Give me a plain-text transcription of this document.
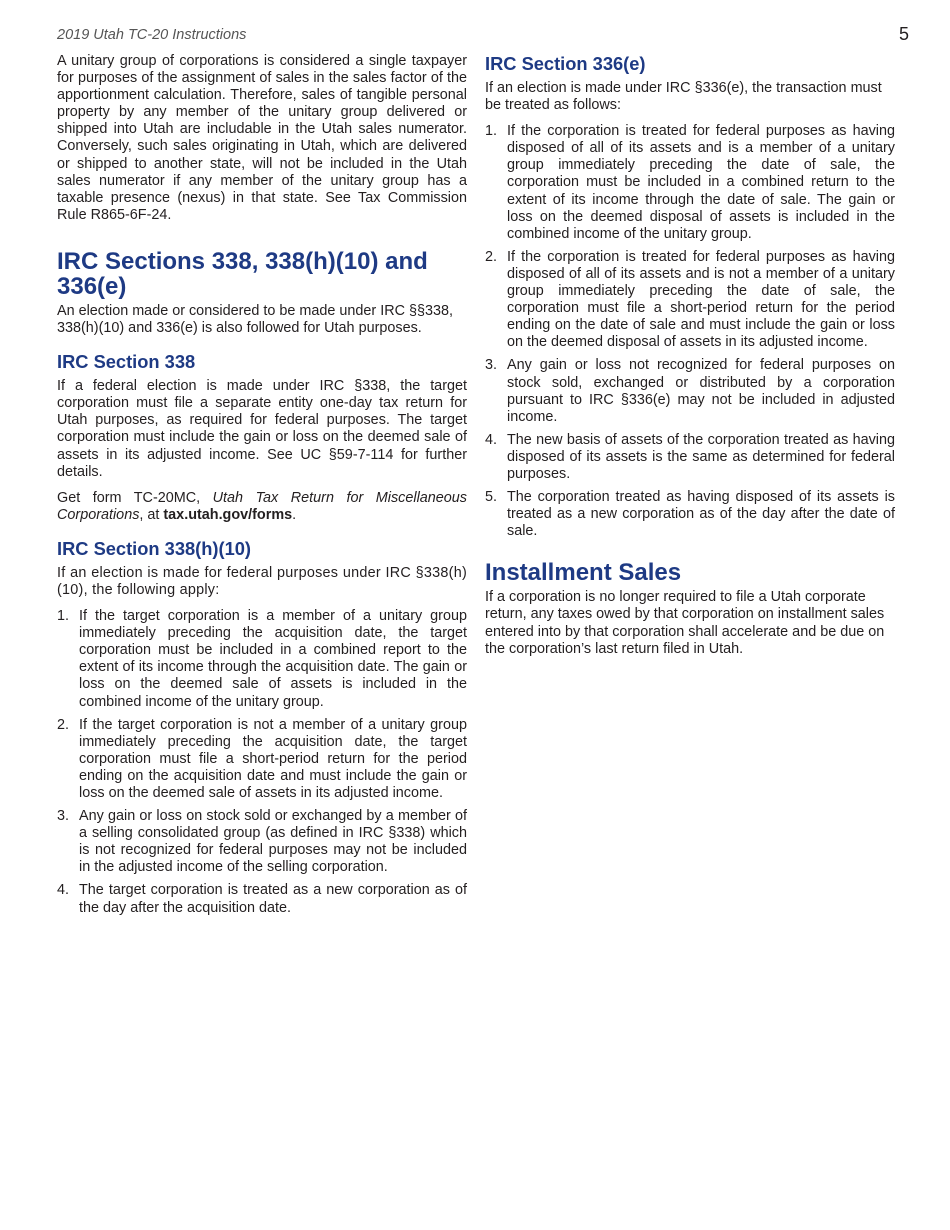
2019 Utah TC-20 Instructions	5

A unitary group of corporations is considered a single taxpayer for purposes of the assignment of sales in the sales factor of the apportionment calculation. Therefore, sales of tangible personal property by any member of the unitary group delivered or shipped into Utah are includable in the Utah sales numerator. Conversely, such sales originating in Utah, which are delivered or shipped to another state, will not be included in the Utah sales numerator if any member of the unitary group has a taxable presence (nexus) in that state. See Tax Commission Rule R865-6F-24.

IRC Sections 338, 338(h)(10) and 336(e)

An election made or considered to be made under IRC §§338, 338(h)(10) and 336(e) is also followed for Utah purposes.

IRC Section 338

If a federal election is made under IRC §338, the target corporation must file a separate entity one-day tax return for Utah purposes, as required for federal purposes. The target corporation must include the gain or loss on the deemed sale of assets in its adjusted income. See UC §59-7-114 for further details.

Get form TC-20MC, Utah Tax Return for Miscellaneous Corporations, at tax.utah.gov/forms.

IRC Section 338(h)(10)

If an election is made for federal purposes under IRC §338(h)(10), the following apply:

1. If the target corporation is a member of a unitary group immediately preceding the acquisition date, the target corporation must be included in a combined report to the extent of its income through the acquisition date. The gain or loss on the deemed sale of assets is included in the combined income of the unitary group.
2. If the target corporation is not a member of a unitary group immediately preceding the acquisition date, the target corporation must file a short-period return for the period ending on the acquisition date and must include the gain or loss on the deemed sale of assets in its adjusted income.
3. Any gain or loss on stock sold or exchanged by a member of a selling consolidated group (as defined in IRC §338) which is not recognized for federal purposes may not be included in the adjusted income of the selling corporation.
4. The target corporation is treated as a new corporation as of the day after the acquisition date.
IRC Section 336(e)

If an election is made under IRC §336(e), the transaction must be treated as follows:

1. If the corporation is treated for federal purposes as having disposed of all of its assets and is a member of a unitary group immediately preceding the date of sale, the corporation must be included in a combined return to the extent of its income through the date of sale. The gain or loss on the deemed disposal of assets is included in the combined income of the unitary group.
2. If the corporation is treated for federal purposes as having disposed of all of its assets and is not a member of a unitary group immediately preceding the date of sale, the corporation must file a short-period return for the period ending on the date of sale and must include the gain or loss on the deemed disposal of assets in its adjusted income.
3. Any gain or loss not recognized for federal purposes on stock sold, exchanged or distributed by a corporation pursuant to IRC §336(e) may not be included in adjusted income.
4. The new basis of assets of the corporation treated as having disposed of its assets is the same as determined for federal purposes.
5. The corporation treated as having disposed of its assets is treated as a new corporation as of the day after the date of sale.
Installment Sales

If a corporation is no longer required to file a Utah corporate return, any taxes owed by that corporation on installment sales entered into by that corporation shall accelerate and be due on the corporation’s last return filed in Utah.
